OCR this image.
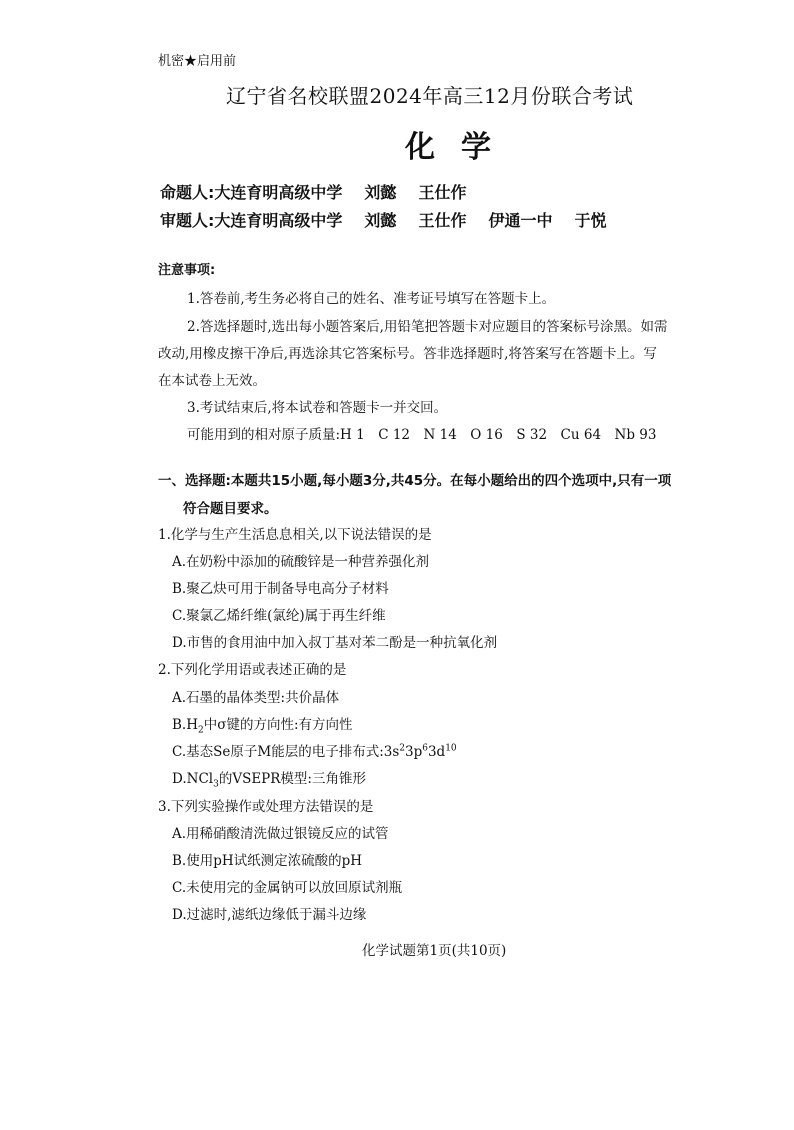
机密★启用前
辽宁省名校联盟2024年高三12月份联合考试
化学
命题人:大连育明高级中学 刘懿 王仕作
审题人:大连育明高级中学 刘懿 王仕作 伊通一中 于悦
注意事项:
1.答卷前,考生务必将自己的姓名、准考证号填写在答题卡上。
2.答选择题时,选出每小题答案后,用铅笔把答题卡对应题目的答案标号涂黑。如需
改动,用橡皮擦干净后,再选涂其它答案标号。答非选择题时,将答案写在答题卡上。写
在本试卷上无效。
3.考试结束后,将本试卷和答题卡一并交回。
可能用到的相对原子质量:H 1　C 12　N 14　O 16　S 32　Cu 64　Nb 93
一、选择题:本题共15小题,每小题3分,共45分。在每小题给出的四个选项中,只有一项
符合题目要求。
1.化学与生产生活息息相关,以下说法错误的是
A.在奶粉中添加的硫酸锌是一种营养强化剂
B.聚乙炔可用于制备导电高分子材料
C.聚氯乙烯纤维(氯纶)属于再生纤维
D.市售的食用油中加入叔丁基对苯二酚是一种抗氧化剂
2.下列化学用语或表述正确的是
A.石墨的晶体类型:共价晶体
$B.H_2$中σ键的方向性:有方向性
C.基态Se原子M能层的电子排布式$:3s^23p^63d^{10}$
D.NCl$_3$的VSEPR模型:三角锥形
3.下列实验操作或处理方法错误的是
A.用稀硝酸清洗做过银镜反应的试管
B.使用pH试纸测定浓硫酸的pH
C.未使用完的金属钠可以放回原试剂瓶
D.过滤时,滤纸边缘低于漏斗边缘
化学试题第1页(共10页)
